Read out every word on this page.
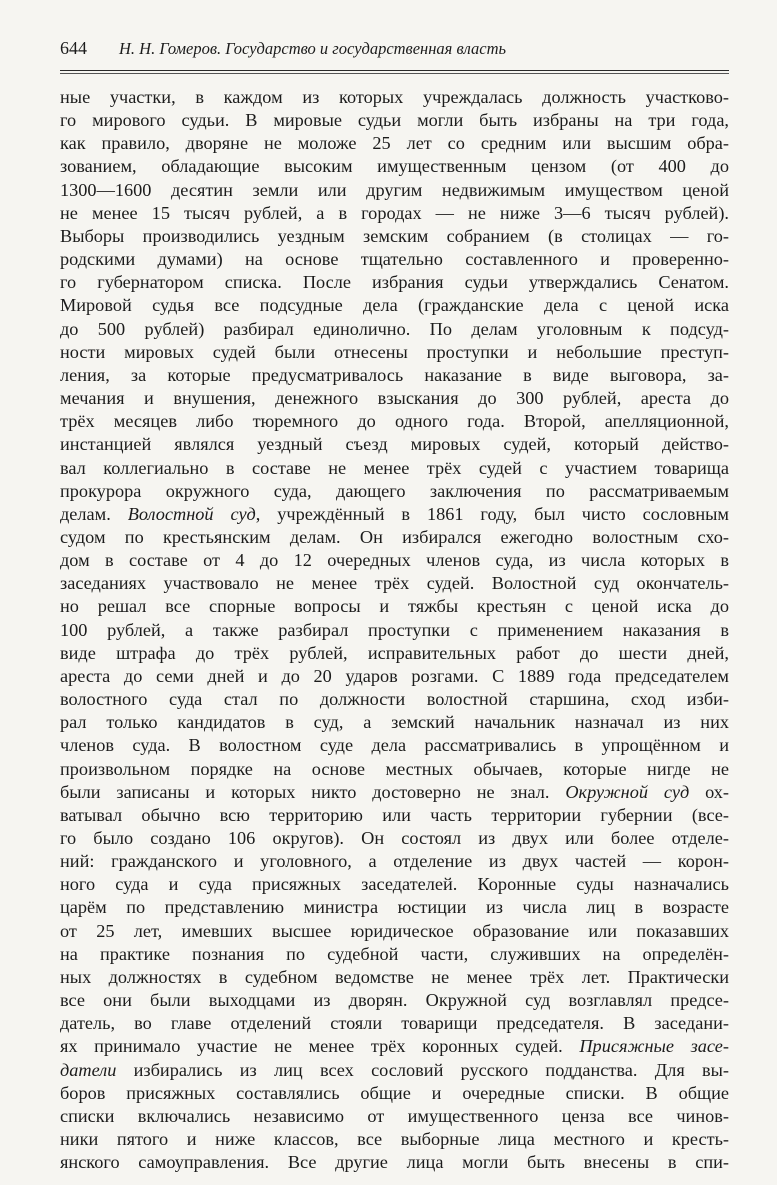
644 Н. Н. Гомеров. Государство и государственная власть
ные участки, в каждом из которых учреждалась должность участково-
го мирового судьи. В мировые судьи могли быть избраны на три года,
как правило, дворяне не моложе 25 лет со средним или высшим обра-
зованием, обладающие высоким имущественным цензом (от 400 до
1300—1600 десятин земли или другим недвижимым имуществом ценой
не менее 15 тысяч рублей, а в городах — не ниже 3—6 тысяч рублей).
Выборы производились уездным земским собранием (в столицах — го-
родскими думами) на основе тщательно составленного и проверенно-
го губернатором списка. После избрания судьи утверждались Сенатом.
Мировой судья все подсудные дела (гражданские дела с ценой иска
до 500 рублей) разбирал единолично. По делам уголовным к подсуд-
ности мировых судей были отнесены проступки и небольшие преступ-
ления, за которые предусматривалось наказание в виде выговора, за-
мечания и внушения, денежного взыскания до 300 рублей, ареста до
трёх месяцев либо тюремного до одного года. Второй, апелляционной,
инстанцией являлся уездный съезд мировых судей, который действо-
вал коллегиально в составе не менее трёх судей с участием товарища
прокурора окружного суда, дающего заключения по рассматриваемым
делам. Волостной суд, учреждённый в 1861 году, был чисто сословным
судом по крестьянским делам. Он избирался ежегодно волостным схо-
дом в составе от 4 до 12 очередных членов суда, из числа которых в
заседаниях участвовало не менее трёх судей. Волостной суд окончатель-
но решал все спорные вопросы и тяжбы крестьян с ценой иска до
100 рублей, а также разбирал проступки с применением наказания в
виде штрафа до трёх рублей, исправительных работ до шести дней,
ареста до семи дней и до 20 ударов розгами. С 1889 года председателем
волостного суда стал по должности волостной старшина, сход изби-
рал только кандидатов в суд, а земский начальник назначал из них
членов суда. В волостном суде дела рассматривались в упрощённом и
произвольном порядке на основе местных обычаев, которые нигде не
были записаны и которых никто достоверно не знал. Окружной суд ох-
ватывал обычно всю территорию или часть территории губернии (все-
го было создано 106 округов). Он состоял из двух или более отделе-
ний: гражданского и уголовного, а отделение из двух частей — корон-
ного суда и суда присяжных заседателей. Коронные суды назначались
царём по представлению министра юстиции из числа лиц в возрасте
от 25 лет, имевших высшее юридическое образование или показавших
на практике познания по судебной части, служивших на определён-
ных должностях в судебном ведомстве не менее трёх лет. Практически
все они были выходцами из дворян. Окружной суд возглавлял предсе-
датель, во главе отделений стояли товарищи председателя. В заседани-
ях принимало участие не менее трёх коронных судей. Присяжные засе-
датели избирались из лиц всех сословий русского подданства. Для вы-
боров присяжных составлялись общие и очередные списки. В общие
списки включались независимо от имущественного ценза все чинов-
ники пятого и ниже классов, все выборные лица местного и кресть-
янского самоуправления. Все другие лица могли быть внесены в спи-
